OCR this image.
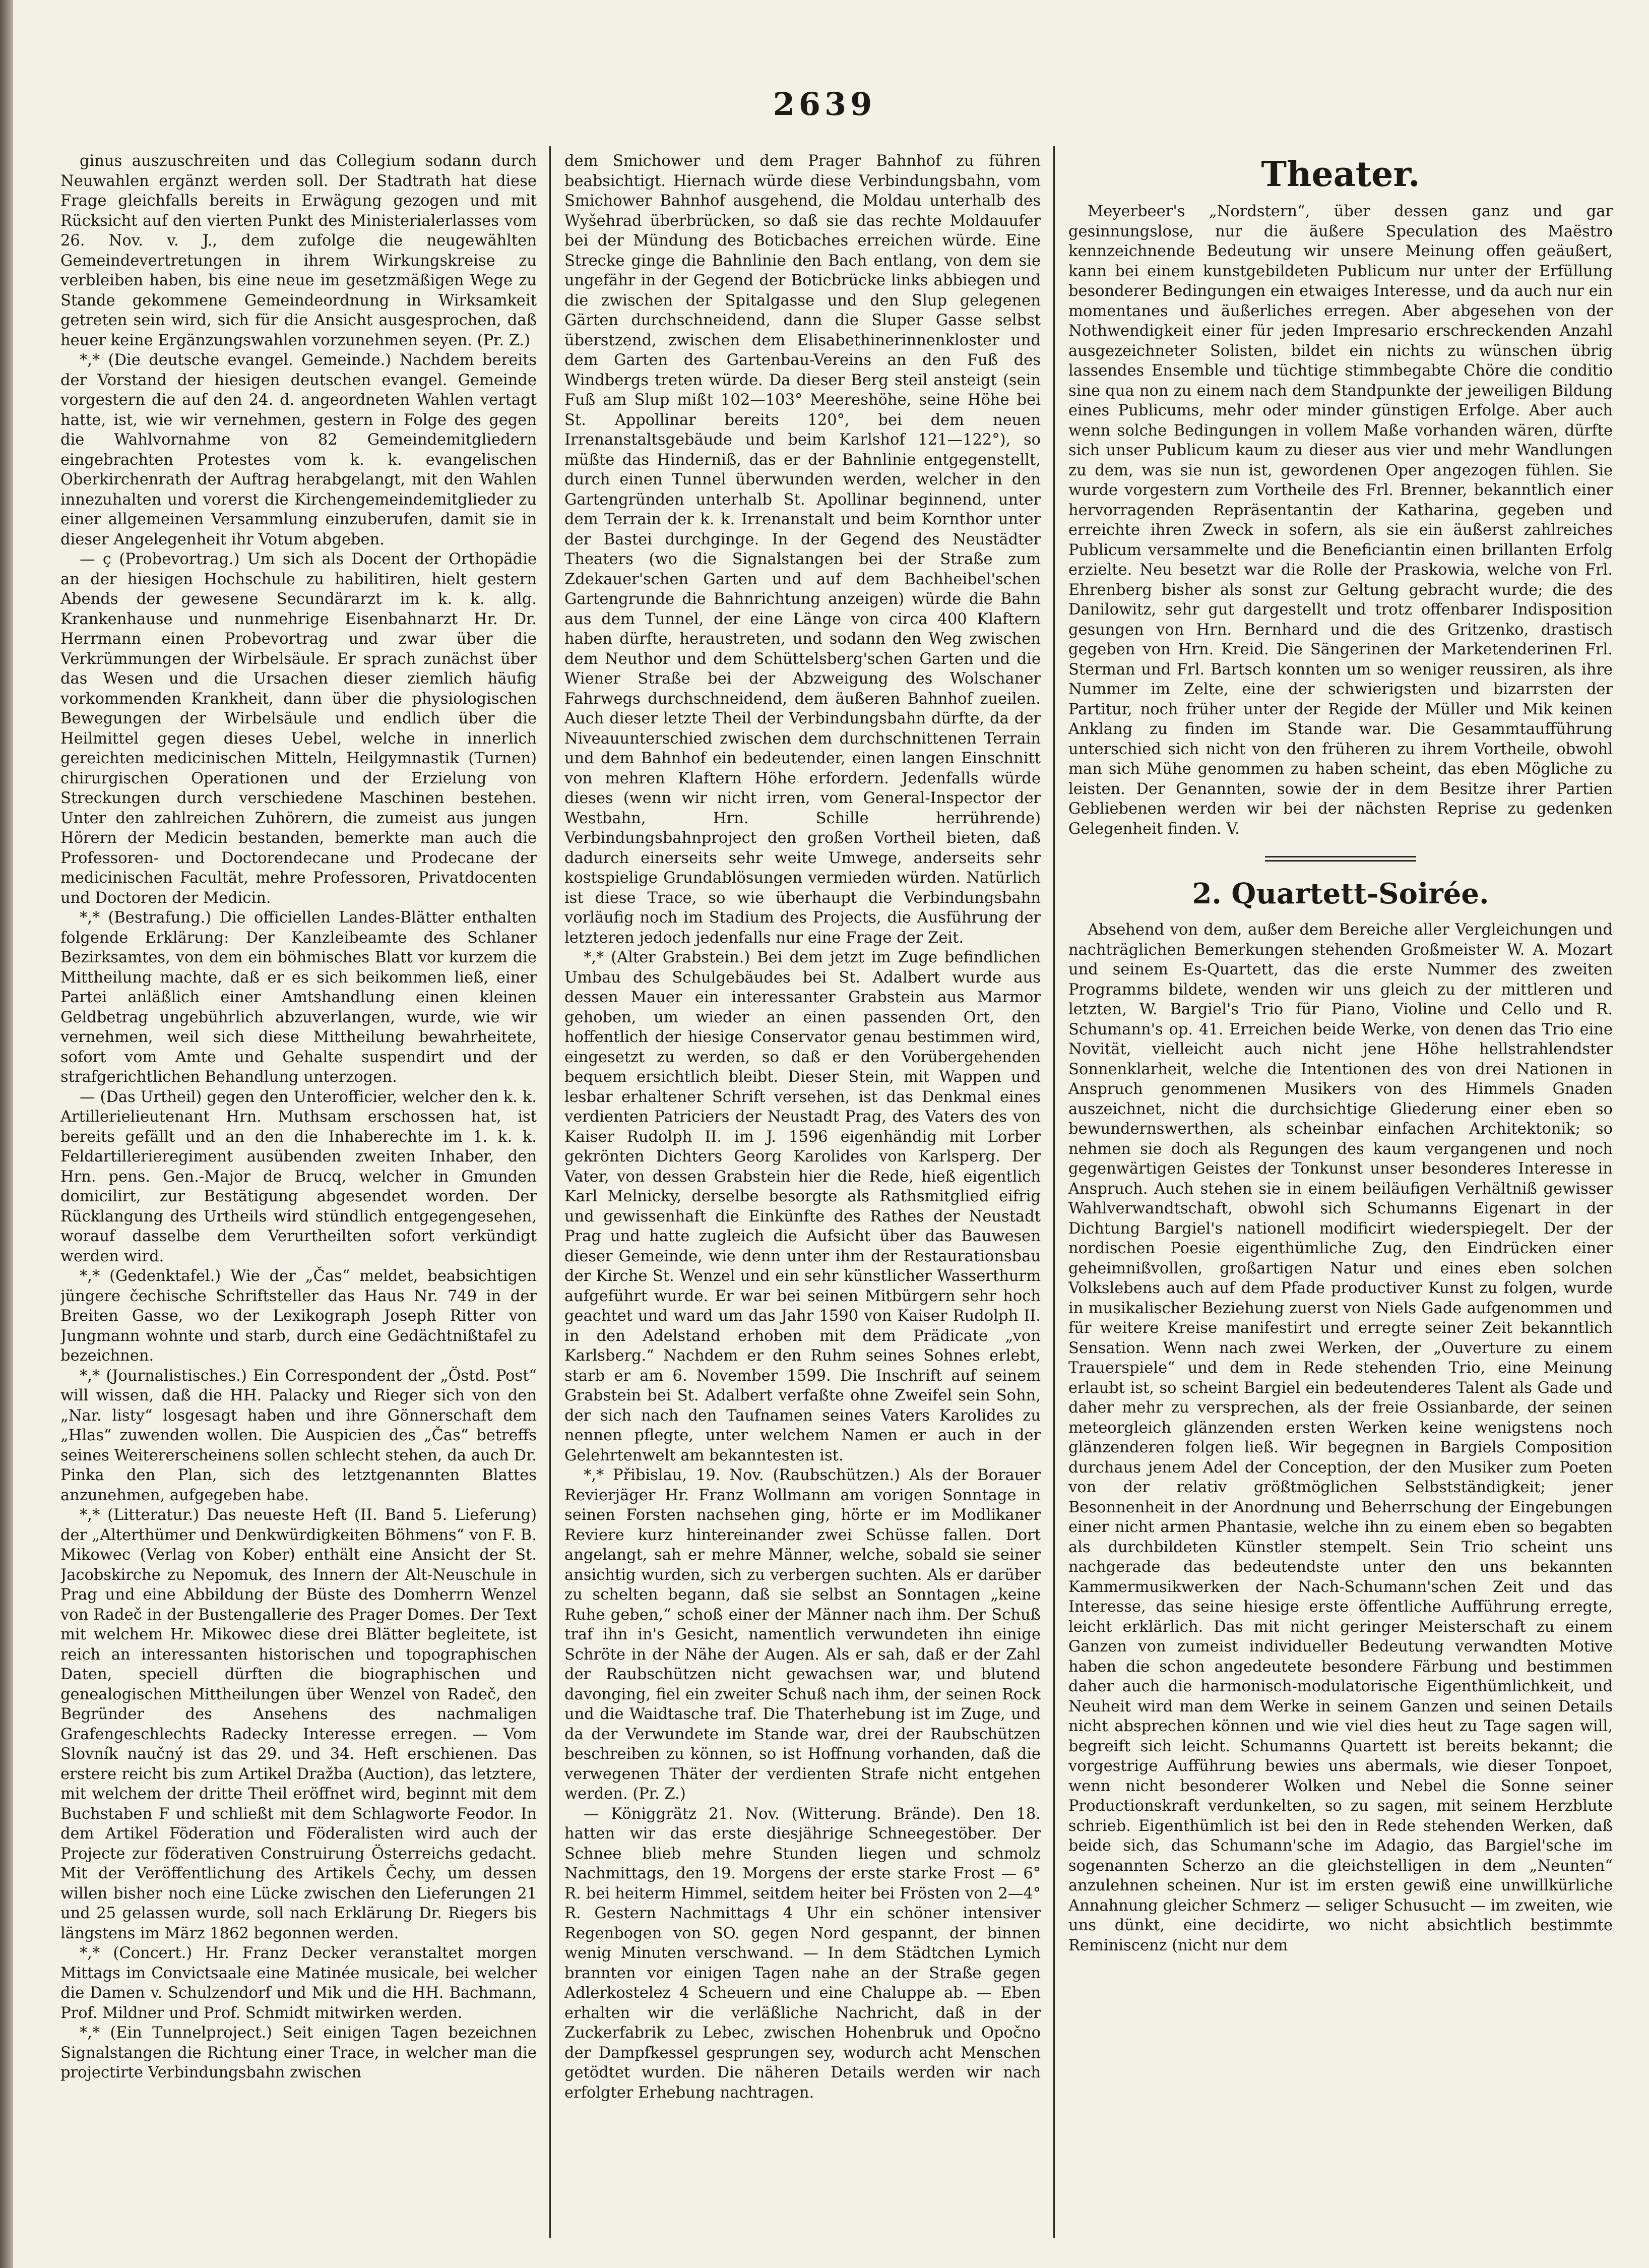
2639

ginus auszuschreiten und das Collegium sodann durch Neuwahlen ergänzt werden soll. Der Stadtrath hat diese Frage gleichfalls bereits in Erwägung gezogen und mit Rücksicht auf den vierten Punkt des Ministerialerlasses vom 26. Nov. v. J., dem zufolge die neugewählten Gemeindevertretungen in ihrem Wirkungskreise zu verbleiben haben, bis eine neue im gesetzmäßigen Wege zu Stande gekommene Gemeindeordnung in Wirksamkeit getreten sein wird, sich für die Ansicht ausgesprochen, daß heuer keine Ergänzungswahlen vorzunehmen seyen. (Pr. Z.)

*,* (Die deutsche evangel. Gemeinde.) Nachdem bereits der Vorstand der hiesigen deutschen evangel. Gemeinde vorgestern die auf den 24. d. angeordneten Wahlen vertagt hatte, ist, wie wir vernehmen, gestern in Folge des gegen die Wahlvornahme von 82 Gemeindemitgliedern eingebrachten Protestes vom k. k. evangelischen Oberkirchenrath der Auftrag herabgelangt, mit den Wahlen innezuhalten und vorerst die Kirchengemeindemitglieder zu einer allgemeinen Versammlung einzuberufen, damit sie in dieser Angelegenheit ihr Votum abgeben.

— ç (Probevortrag.) Um sich als Docent der Orthopädie an der hiesigen Hochschule zu habilitiren, hielt gestern Abends der gewesene Secundärarzt im k. k. allg. Krankenhause und nunmehrige Eisenbahnarzt Hr. Dr. Herrmann einen Probevortrag und zwar über die Verkrümmungen der Wirbelsäule. Er sprach zunächst über das Wesen und die Ursachen dieser ziemlich häufig vorkommenden Krankheit, dann über die physiologischen Bewegungen der Wirbelsäule und endlich über die Heilmittel gegen dieses Uebel, welche in innerlich gereichten medicinischen Mitteln, Heilgymnastik (Turnen) chirurgischen Operationen und der Erzielung von Streckungen durch verschiedene Maschinen bestehen. Unter den zahlreichen Zuhörern, die zumeist aus jungen Hörern der Medicin bestanden, bemerkte man auch die Professoren- und Doctorendecane und Prodecane der medicinischen Facultät, mehre Professoren, Privatdocenten und Doctoren der Medicin.

*,* (Bestrafung.) Die officiellen Landes-Blätter enthalten folgende Erklärung: Der Kanzleibeamte des Schlaner Bezirksamtes, von dem ein böhmisches Blatt vor kurzem die Mittheilung machte, daß er es sich beikommen ließ, einer Partei anläßlich einer Amtshandlung einen kleinen Geldbetrag ungebührlich abzuverlangen, wurde, wie wir vernehmen, weil sich diese Mittheilung bewahrheitete, sofort vom Amte und Gehalte suspendirt und der strafgerichtlichen Behandlung unterzogen.

— (Das Urtheil) gegen den Unterofficier, welcher den k. k. Artillerielieutenant Hrn. Muthsam erschossen hat, ist bereits gefällt und an den die Inhaberechte im 1. k. k. Feldartillerieregiment ausübenden zweiten Inhaber, den Hrn. pens. Gen.-Major de Brucq, welcher in Gmunden domicilirt, zur Bestätigung abgesendet worden. Der Rücklangung des Urtheils wird stündlich entgegengesehen, worauf dasselbe dem Verurtheilten sofort verkündigt werden wird.

*,* (Gedenktafel.) Wie der „Čas“ meldet, beabsichtigen jüngere čechische Schriftsteller das Haus Nr. 749 in der Breiten Gasse, wo der Lexikograph Joseph Ritter von Jungmann wohnte und starb, durch eine Gedächtnißtafel zu bezeichnen.

*,* (Journalistisches.) Ein Correspondent der „Östd. Post“ will wissen, daß die HH. Palacky und Rieger sich von den „Nar. listy“ losgesagt haben und ihre Gönnerschaft dem „Hlas“ zuwenden wollen. Die Auspicien des „Čas“ betreffs seines Weitererscheinens sollen schlecht stehen, da auch Dr. Pinka den Plan, sich des letztgenannten Blattes anzunehmen, aufgegeben habe.

*,* (Litteratur.) Das neueste Heft (II. Band 5. Lieferung) der „Alterthümer und Denkwürdigkeiten Böhmens“ von F. B. Mikowec (Verlag von Kober) enthält eine Ansicht der St. Jacobskirche zu Nepomuk, des Innern der Alt-Neuschule in Prag und eine Abbildung der Büste des Domherrn Wenzel von Radeč in der Bustengallerie des Prager Domes. Der Text mit welchem Hr. Mikowec diese drei Blätter begleitete, ist reich an interessanten historischen und topographischen Daten, speciell dürften die biographischen und genealogischen Mittheilungen über Wenzel von Radeč, den Begründer des Ansehens des nachmaligen Grafengeschlechts Radecky Interesse erregen. — Vom Slovník naučný ist das 29. und 34. Heft erschienen. Das erstere reicht bis zum Artikel Dražba (Auction), das letztere, mit welchem der dritte Theil eröffnet wird, beginnt mit dem Buchstaben F und schließt mit dem Schlagworte Feodor. In dem Artikel Föderation und Föderalisten wird auch der Projecte zur föderativen Construirung Österreichs gedacht. Mit der Veröffentlichung des Artikels Čechy, um dessen willen bisher noch eine Lücke zwischen den Lieferungen 21 und 25 gelassen wurde, soll nach Erklärung Dr. Riegers bis längstens im März 1862 begonnen werden.

*,* (Concert.) Hr. Franz Decker veranstaltet morgen Mittags im Convictsaale eine Matinée musicale, bei welcher die Damen v. Schulzendorf und Mik und die HH. Bachmann, Prof. Mildner und Prof. Schmidt mitwirken werden.

*,* (Ein Tunnelproject.) Seit einigen Tagen bezeichnen Signalstangen die Richtung einer Trace, in welcher man die projectirte Verbindungsbahn zwischen

dem Smichower und dem Prager Bahnhof zu führen beabsichtigt. Hiernach würde diese Verbindungsbahn, vom Smichower Bahnhof ausgehend, die Moldau unterhalb des Wyšehrad überbrücken, so daß sie das rechte Moldauufer bei der Mündung des Boticbaches erreichen würde. Eine Strecke ginge die Bahnlinie den Bach entlang, von dem sie ungefähr in der Gegend der Boticbrücke links abbiegen und die zwischen der Spitalgasse und den Slup gelegenen Gärten durchschneidend, dann die Sluper Gasse selbst überstzend, zwischen dem Elisabethinerinnenkloster und dem Garten des Gartenbau-Vereins an den Fuß des Windbergs treten würde. Da dieser Berg steil ansteigt (sein Fuß am Slup mißt 102—103° Meereshöhe, seine Höhe bei St. Appollinar bereits 120°, bei dem neuen Irrenanstaltsgebäude und beim Karlshof 121—122°), so müßte das Hinderniß, das er der Bahnlinie entgegenstellt, durch einen Tunnel überwunden werden, welcher in den Gartengründen unterhalb St. Apollinar beginnend, unter dem Terrain der k. k. Irrenanstalt und beim Kornthor unter der Bastei durchginge. In der Gegend des Neustädter Theaters (wo die Signalstangen bei der Straße zum Zdekauer'schen Garten und auf dem Bachheibel'schen Gartengrunde die Bahnrichtung anzeigen) würde die Bahn aus dem Tunnel, der eine Länge von circa 400 Klaftern haben dürfte, heraustreten, und sodann den Weg zwischen dem Neuthor und dem Schüttelsberg'schen Garten und die Wiener Straße bei der Abzweigung des Wolschaner Fahrwegs durchschneidend, dem äußeren Bahnhof zueilen. Auch dieser letzte Theil der Verbindungsbahn dürfte, da der Niveauunterschied zwischen dem durchschnittenen Terrain und dem Bahnhof ein bedeutender, einen langen Einschnitt von mehren Klaftern Höhe erfordern. Jedenfalls würde dieses (wenn wir nicht irren, vom General-Inspector der Westbahn, Hrn. Schille herrührende) Verbindungsbahnproject den großen Vortheil bieten, daß dadurch einerseits sehr weite Umwege, anderseits sehr kostspielige Grundablösungen vermieden würden. Natürlich ist diese Trace, so wie überhaupt die Verbindungsbahn vorläufig noch im Stadium des Projects, die Ausführung der letzteren jedoch jedenfalls nur eine Frage der Zeit.

*,* (Alter Grabstein.) Bei dem jetzt im Zuge befindlichen Umbau des Schulgebäudes bei St. Adalbert wurde aus dessen Mauer ein interessanter Grabstein aus Marmor gehoben, um wieder an einen passenden Ort, den hoffentlich der hiesige Conservator genau bestimmen wird, eingesetzt zu werden, so daß er den Vorübergehenden bequem ersichtlich bleibt. Dieser Stein, mit Wappen und lesbar erhaltener Schrift versehen, ist das Denkmal eines verdienten Patriciers der Neustadt Prag, des Vaters des von Kaiser Rudolph II. im J. 1596 eigenhändig mit Lorber gekrönten Dichters Georg Karolides von Karlsperg. Der Vater, von dessen Grabstein hier die Rede, hieß eigentlich Karl Melnicky, derselbe besorgte als Rathsmitglied eifrig und gewissenhaft die Einkünfte des Rathes der Neustadt Prag und hatte zugleich die Aufsicht über das Bauwesen dieser Gemeinde, wie denn unter ihm der Restaurationsbau der Kirche St. Wenzel und ein sehr künstlicher Wasserthurm aufgeführt wurde. Er war bei seinen Mitbürgern sehr hoch geachtet und ward um das Jahr 1590 von Kaiser Rudolph II. in den Adelstand erhoben mit dem Prädicate „von Karlsberg.“ Nachdem er den Ruhm seines Sohnes erlebt, starb er am 6. November 1599. Die Inschrift auf seinem Grabstein bei St. Adalbert verfaßte ohne Zweifel sein Sohn, der sich nach den Taufnamen seines Vaters Karolides zu nennen pflegte, unter welchem Namen er auch in der Gelehrtenwelt am bekanntesten ist.

*,* Přibislau, 19. Nov. (Raubschützen.) Als der Borauer Revierjäger Hr. Franz Wollmann am vorigen Sonntage in seinen Forsten nachsehen ging, hörte er im Modlikaner Reviere kurz hintereinander zwei Schüsse fallen. Dort angelangt, sah er mehre Männer, welche, sobald sie seiner ansichtig wurden, sich zu verbergen suchten. Als er darüber zu schelten begann, daß sie selbst an Sonntagen „keine Ruhe geben,“ schoß einer der Männer nach ihm. Der Schuß traf ihn in's Gesicht, namentlich verwundeten ihn einige Schröte in der Nähe der Augen. Als er sah, daß er der Zahl der Raubschützen nicht gewachsen war, und blutend davonging, fiel ein zweiter Schuß nach ihm, der seinen Rock und die Waidtasche traf. Die Thaterhebung ist im Zuge, und da der Verwundete im Stande war, drei der Raubschützen beschreiben zu können, so ist Hoffnung vorhanden, daß die verwegenen Thäter der verdienten Strafe nicht entgehen werden. (Pr. Z.)

— Königgrätz 21. Nov. (Witterung. Brände). Den 18. hatten wir das erste diesjährige Schneegestöber. Der Schnee blieb mehre Stunden liegen und schmolz Nachmittags, den 19. Morgens der erste starke Frost — 6° R. bei heiterm Himmel, seitdem heiter bei Frösten von 2—4° R. Gestern Nachmittags 4 Uhr ein schöner intensiver Regenbogen von SO. gegen Nord gespannt, der binnen wenig Minuten verschwand. — In dem Städtchen Lymich brannten vor einigen Tagen nahe an der Straße gegen Adlerkostelez 4 Scheuern und eine Chaluppe ab. — Eben erhalten wir die verläßliche Nachricht, daß in der Zuckerfabrik zu Lebec, zwischen Hohenbruk und Opočno der Dampfkessel gesprungen sey, wodurch acht Menschen getödtet wurden. Die näheren Details werden wir nach erfolgter Erhebung nachtragen.

Theater.

Meyerbeer's „Nordstern“, über dessen ganz und gar gesinnungslose, nur die äußere Speculation des Maëstro kennzeichnende Bedeutung wir unsere Meinung offen geäußert, kann bei einem kunstgebildeten Publicum nur unter der Erfüllung besonderer Bedingungen ein etwaiges Interesse, und da auch nur ein momentanes und äußerliches erregen. Aber abgesehen von der Nothwendigkeit einer für jeden Impresario erschreckenden Anzahl ausgezeichneter Solisten, bildet ein nichts zu wünschen übrig lassendes Ensemble und tüchtige stimmbegabte Chöre die conditio sine qua non zu einem nach dem Standpunkte der jeweiligen Bildung eines Publicums, mehr oder minder günstigen Erfolge. Aber auch wenn solche Bedingungen in vollem Maße vorhanden wären, dürfte sich unser Publicum kaum zu dieser aus vier und mehr Wandlungen zu dem, was sie nun ist, gewordenen Oper angezogen fühlen. Sie wurde vorgestern zum Vortheile des Frl. Brenner, bekanntlich einer hervorragenden Repräsentantin der Katharina, gegeben und erreichte ihren Zweck in sofern, als sie ein äußerst zahlreiches Publicum versammelte und die Beneficiantin einen brillanten Erfolg erzielte. Neu besetzt war die Rolle der Praskowia, welche von Frl. Ehrenberg bisher als sonst zur Geltung gebracht wurde; die des Danilowitz, sehr gut dargestellt und trotz offenbarer Indisposition gesungen von Hrn. Bernhard und die des Gritzenko, drastisch gegeben von Hrn. Kreid. Die Sängerinen der Marketenderinen Frl. Sterman und Frl. Bartsch konnten um so weniger reussiren, als ihre Nummer im Zelte, eine der schwierigsten und bizarrsten der Partitur, noch früher unter der Regide der Müller und Mik keinen Anklang zu finden im Stande war. Die Gesammtaufführung unterschied sich nicht von den früheren zu ihrem Vortheile, obwohl man sich Mühe genommen zu haben scheint, das eben Mögliche zu leisten. Der Genannten, sowie der in dem Besitze ihrer Partien Gebliebenen werden wir bei der nächsten Reprise zu gedenken Gelegenheit finden. V.

2. Quartett-Soirée.

Absehend von dem, außer dem Bereiche aller Vergleichungen und nachträglichen Bemerkungen stehenden Großmeister W. A. Mozart und seinem Es-Quartett, das die erste Nummer des zweiten Programms bildete, wenden wir uns gleich zu der mittleren und letzten, W. Bargiel's Trio für Piano, Violine und Cello und R. Schumann's op. 41. Erreichen beide Werke, von denen das Trio eine Novität, vielleicht auch nicht jene Höhe hellstrahlendster Sonnenklarheit, welche die Intentionen des von drei Nationen in Anspruch genommenen Musikers von des Himmels Gnaden auszeichnet, nicht die durchsichtige Gliederung einer eben so bewundernswerthen, als scheinbar einfachen Architektonik; so nehmen sie doch als Regungen des kaum vergangenen und noch gegenwärtigen Geistes der Tonkunst unser besonderes Interesse in Anspruch. Auch stehen sie in einem beiläufigen Verhältniß gewisser Wahlverwandtschaft, obwohl sich Schumanns Eigenart in der Dichtung Bargiel's nationell modificirt wiederspiegelt. Der der nordischen Poesie eigenthümliche Zug, den Eindrücken einer geheimnißvollen, großartigen Natur und eines eben solchen Volkslebens auch auf dem Pfade productiver Kunst zu folgen, wurde in musikalischer Beziehung zuerst von Niels Gade aufgenommen und für weitere Kreise manifestirt und erregte seiner Zeit bekanntlich Sensation. Wenn nach zwei Werken, der „Ouverture zu einem Trauerspiele“ und dem in Rede stehenden Trio, eine Meinung erlaubt ist, so scheint Bargiel ein bedeutenderes Talent als Gade und daher mehr zu versprechen, als der freie Ossianbarde, der seinen meteorgleich glänzenden ersten Werken keine wenigstens noch glänzenderen folgen ließ. Wir begegnen in Bargiels Composition durchaus jenem Adel der Conception, der den Musiker zum Poeten von der relativ größtmöglichen Selbstständigkeit; jener Besonnenheit in der Anordnung und Beherrschung der Eingebungen einer nicht armen Phantasie, welche ihn zu einem eben so begabten als durchbildeten Künstler stempelt. Sein Trio scheint uns nachgerade das bedeutendste unter den uns bekannten Kammermusikwerken der Nach-Schumann'schen Zeit und das Interesse, das seine hiesige erste öffentliche Aufführung erregte, leicht erklärlich. Das mit nicht geringer Meisterschaft zu einem Ganzen von zumeist individueller Bedeutung verwandten Motive haben die schon angedeutete besondere Färbung und bestimmen daher auch die harmonisch-modulatorische Eigenthümlichkeit, und Neuheit wird man dem Werke in seinem Ganzen und seinen Details nicht absprechen können und wie viel dies heut zu Tage sagen will, begreift sich leicht. Schumanns Quartett ist bereits bekannt; die vorgestrige Aufführung bewies uns abermals, wie dieser Tonpoet, wenn nicht besonderer Wolken und Nebel die Sonne seiner Productionskraft verdunkelten, so zu sagen, mit seinem Herzblute schrieb. Eigenthümlich ist bei den in Rede stehenden Werken, daß beide sich, das Schumann'sche im Adagio, das Bargiel'sche im sogenannten Scherzo an die gleichstelligen in dem „Neunten“ anzulehnen scheinen. Nur ist im ersten gewiß eine unwillkürliche Annahnung gleicher Schmerz — seliger Schusucht — im zweiten, wie uns dünkt, eine decidirte, wo nicht absichtlich bestimmte Reminiscenz (nicht nur dem
